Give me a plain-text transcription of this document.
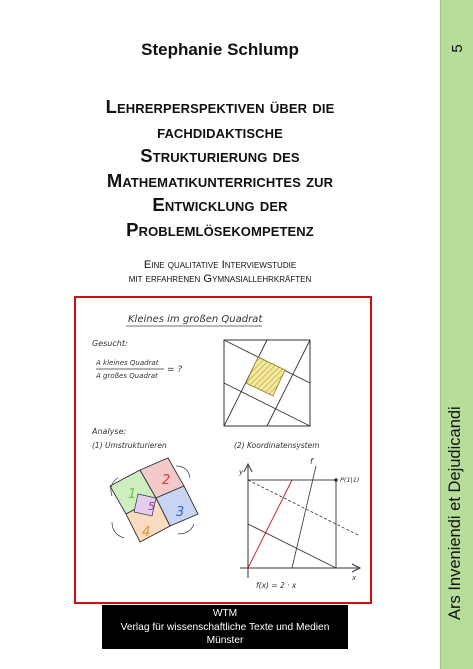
Stephanie Schlump
Lehrerperspektiven über die
fachdidaktische
Strukturierung des
Mathematikunterrichtes zur
Entwicklung der
Problemlösekompetenz
Eine qualitative Interviewstudie
mit erfahrenen Gymnasiallehrkräften
Kleines im großen Quadrat
Gesucht:
A kleines Quadrat
A großes Quadrat
= ?
Analyse:
(1) Umstrukturieren	(2) Koordinatensystem
1
2
3
4
5
y
x
P(1|1)
f
f(x) = 2 · x
WTM
Verlag für wissenschaftliche Texte und Medien
Münster
5
Ars Inveniendi et Dejudicandi
